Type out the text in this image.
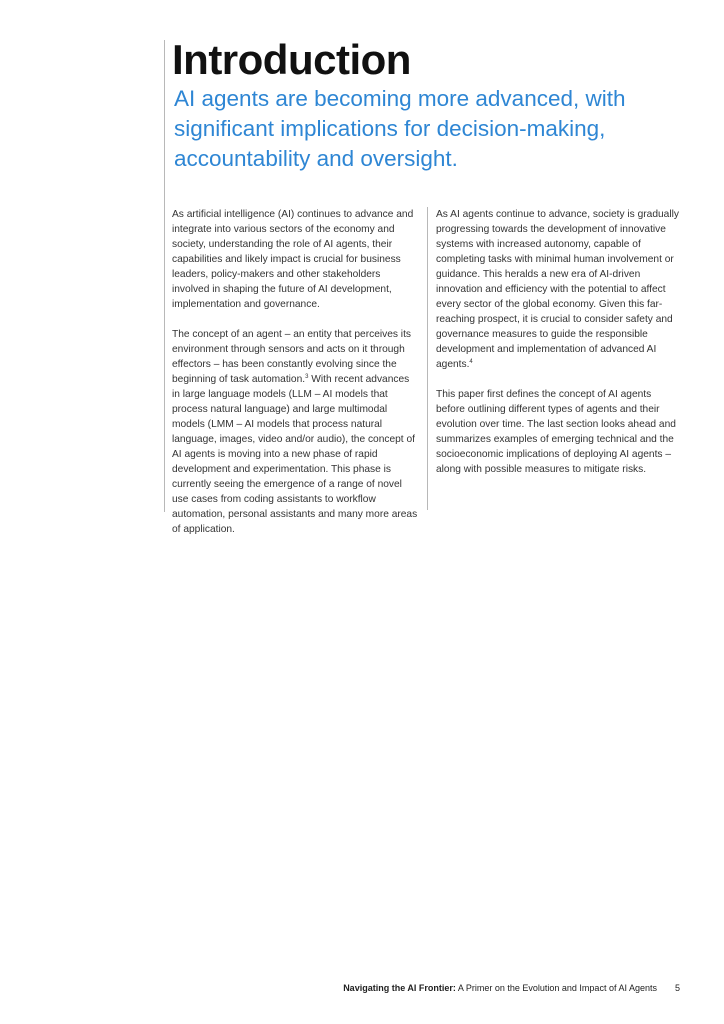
Introduction
AI agents are becoming more advanced, with significant implications for decision-making, accountability and oversight.

As artificial intelligence (AI) continues to advance and integrate into various sectors of the economy and society, understanding the role of AI agents, their capabilities and likely impact is crucial for business leaders, policy-makers and other stakeholders involved in shaping the future of AI development, implementation and governance.

The concept of an agent – an entity that perceives its environment through sensors and acts on it through effectors – has been constantly evolving since the beginning of task automation.$^3$ With recent advances in large language models (LLM – AI models that process natural language) and large multimodal models (LMM – AI models that process natural language, images, video and/or audio), the concept of AI agents is moving into a new phase of rapid development and experimentation. This phase is currently seeing the emergence of a range of novel use cases from coding assistants to workflow automation, personal assistants and many more areas of application.

As AI agents continue to advance, society is gradually progressing towards the development of innovative systems with increased autonomy, capable of completing tasks with minimal human involvement or guidance. This heralds a new era of AI-driven innovation and efficiency with the potential to affect every sector of the global economy. Given this far-reaching prospect, it is crucial to consider safety and governance measures to guide the responsible development and implementation of advanced AI agents.$^4$

This paper first defines the concept of AI agents before outlining different types of agents and their evolution over time. The last section looks ahead and summarizes examples of emerging technical and the socioeconomic implications of deploying AI agents – along with possible measures to mitigate risks.

Navigating the AI Frontier: A Primer on the Evolution and Impact of AI Agents 5
